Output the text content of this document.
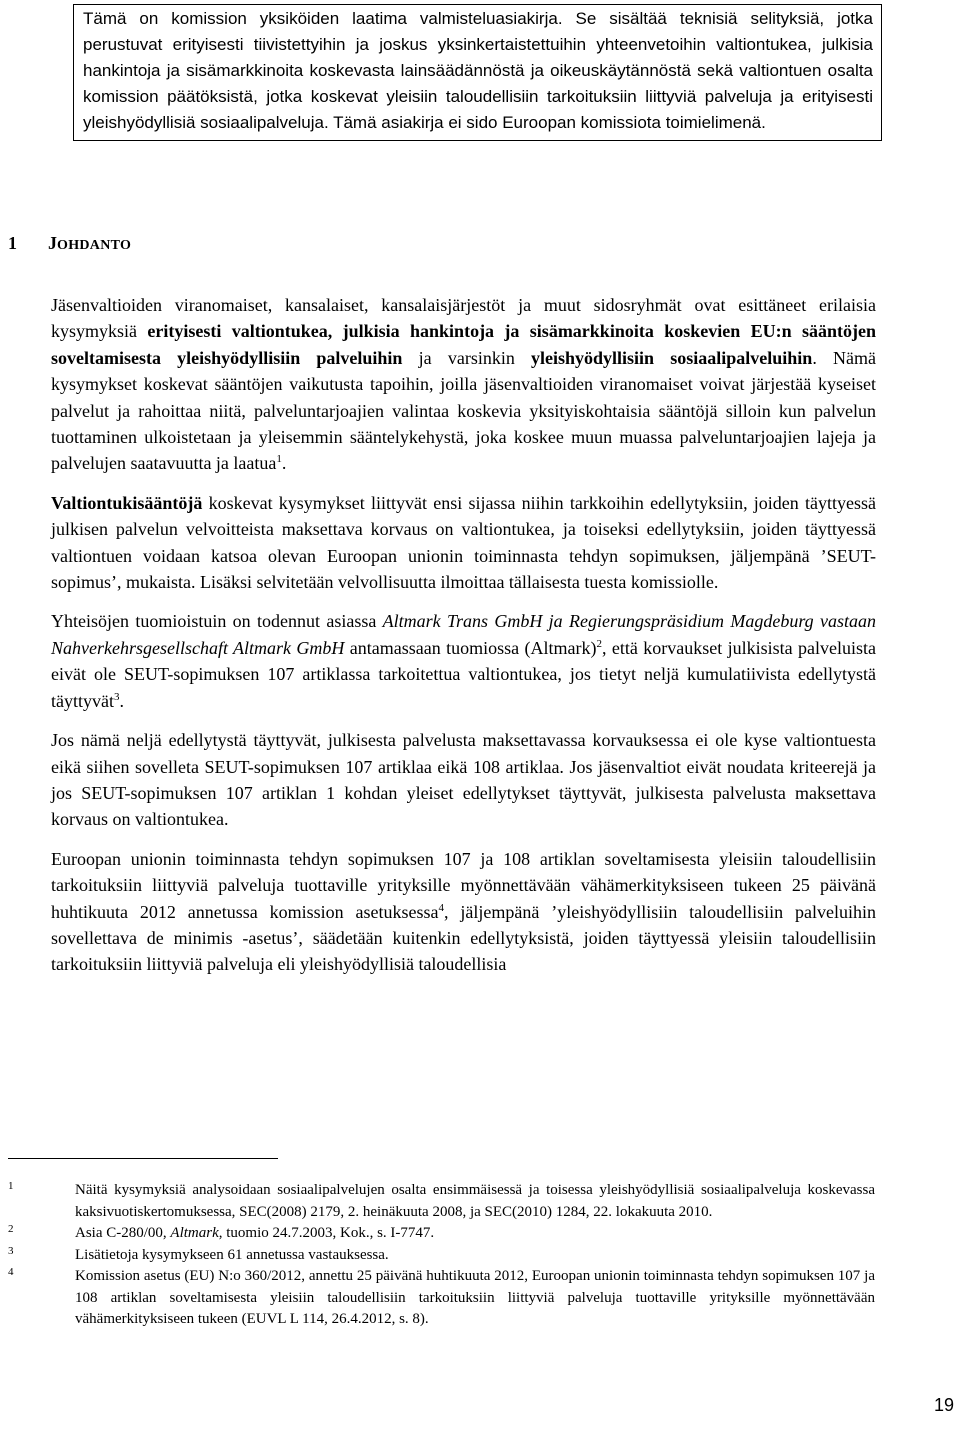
Tämä on komission yksiköiden laatima valmisteluasiakirja. Se sisältää teknisiä selityksiä, jotka perustuvat erityisesti tiivistettyihin ja joskus yksinkertaistettuihin yhteenvetoihin valtiontukea, julkisia hankintoja ja sisämarkkinoita koskevasta lainsäädännöstä ja oikeuskäytännöstä sekä valtiontuen osalta komission päätöksistä, jotka koskevat yleisiin taloudellisiin tarkoituksiin liittyviä palveluja ja erityisesti yleishyödyllisiä sosiaalipalveluja. Tämä asiakirja ei sido Euroopan komissiota toimielimenä.

1 JOHDANTO

Jäsenvaltioiden viranomaiset, kansalaiset, kansalaisjärjestöt ja muut sidosryhmät ovat esittäneet erilaisia kysymyksiä erityisesti valtiontukea, julkisia hankintoja ja sisämarkkinoita koskevien EU:n sääntöjen soveltamisesta yleishyödyllisiin palveluihin ja varsinkin yleishyödyllisiin sosiaalipalveluihin. Nämä kysymykset koskevat sääntöjen vaikutusta tapoihin, joilla jäsenvaltioiden viranomaiset voivat järjestää kyseiset palvelut ja rahoittaa niitä, palveluntarjoajien valintaa koskevia yksityiskohtaisia sääntöjä silloin kun palvelun tuottaminen ulkoistetaan ja yleisemmin sääntelykehystä, joka koskee muun muassa palveluntarjoajien lajeja ja palvelujen saatavuutta ja laatua$^1$.

Valtiontukisääntöjä koskevat kysymykset liittyvät ensi sijassa niihin tarkkoihin edellytyksiin, joiden täyttyessä julkisen palvelun velvoitteista maksettava korvaus on valtiontukea, ja toiseksi edellytyksiin, joiden täyttyessä valtiontuen voidaan katsoa olevan Euroopan unionin toiminnasta tehdyn sopimuksen, jäljempänä ’SEUT-sopimus’, mukaista. Lisäksi selvitetään velvollisuutta ilmoittaa tällaisesta tuesta komissiolle.

Yhteisöjen tuomioistuin on todennut asiassa Altmark Trans GmbH ja Regierungspräsidium Magdeburg vastaan Nahverkehrsgesellschaft Altmark GmbH antamassaan tuomiossa (Altmark)$^2$, että korvaukset julkisista palveluista eivät ole SEUT-sopimuksen 107 artiklassa tarkoitettua valtiontukea, jos tietyt neljä kumulatiivista edellytystä täyttyvät$^3$.

Jos nämä neljä edellytystä täyttyvät, julkisesta palvelusta maksettavassa korvauksessa ei ole kyse valtiontuesta eikä siihen sovelleta SEUT-sopimuksen 107 artiklaa eikä 108 artiklaa. Jos jäsenvaltiot eivät noudata kriteerejä ja jos SEUT-sopimuksen 107 artiklan 1 kohdan yleiset edellytykset täyttyvät, julkisesta palvelusta maksettava korvaus on valtiontukea.

Euroopan unionin toiminnasta tehdyn sopimuksen 107 ja 108 artiklan soveltamisesta yleisiin taloudellisiin tarkoituksiin liittyviä palveluja tuottaville yrityksille myönnettävään vähämerkityksiseen tukeen 25 päivänä huhtikuuta 2012 annetussa komission asetuksessa$^4$, jäljempänä ’yleishyödyllisiin taloudellisiin palveluihin sovellettava de minimis -asetus’, säädetään kuitenkin edellytyksistä, joiden täyttyessä yleisiin taloudellisiin tarkoituksiin liittyviä palveluja eli yleishyödyllisiä taloudellisia

1	Näitä kysymyksiä analysoidaan sosiaalipalvelujen osalta ensimmäisessä ja toisessa yleishyödyllisiä sosiaalipalveluja koskevassa kaksivuotiskertomuksessa, SEC(2008) 2179, 2. heinäkuuta 2008, ja SEC(2010) 1284, 22. lokakuuta 2010.
2	Asia C-280/00, Altmark, tuomio 24.7.2003, Kok., s. I-7747.
3	Lisätietoja kysymykseen 61 annetussa vastauksessa.
4	Komission asetus (EU) N:o 360/2012, annettu 25 päivänä huhtikuuta 2012, Euroopan unionin toiminnasta tehdyn sopimuksen 107 ja 108 artiklan soveltamisesta yleisiin taloudellisiin tarkoituksiin liittyviä palveluja tuottaville yrityksille myönnettävään vähämerkityksiseen tukeen (EUVL L 114, 26.4.2012, s. 8).
19
